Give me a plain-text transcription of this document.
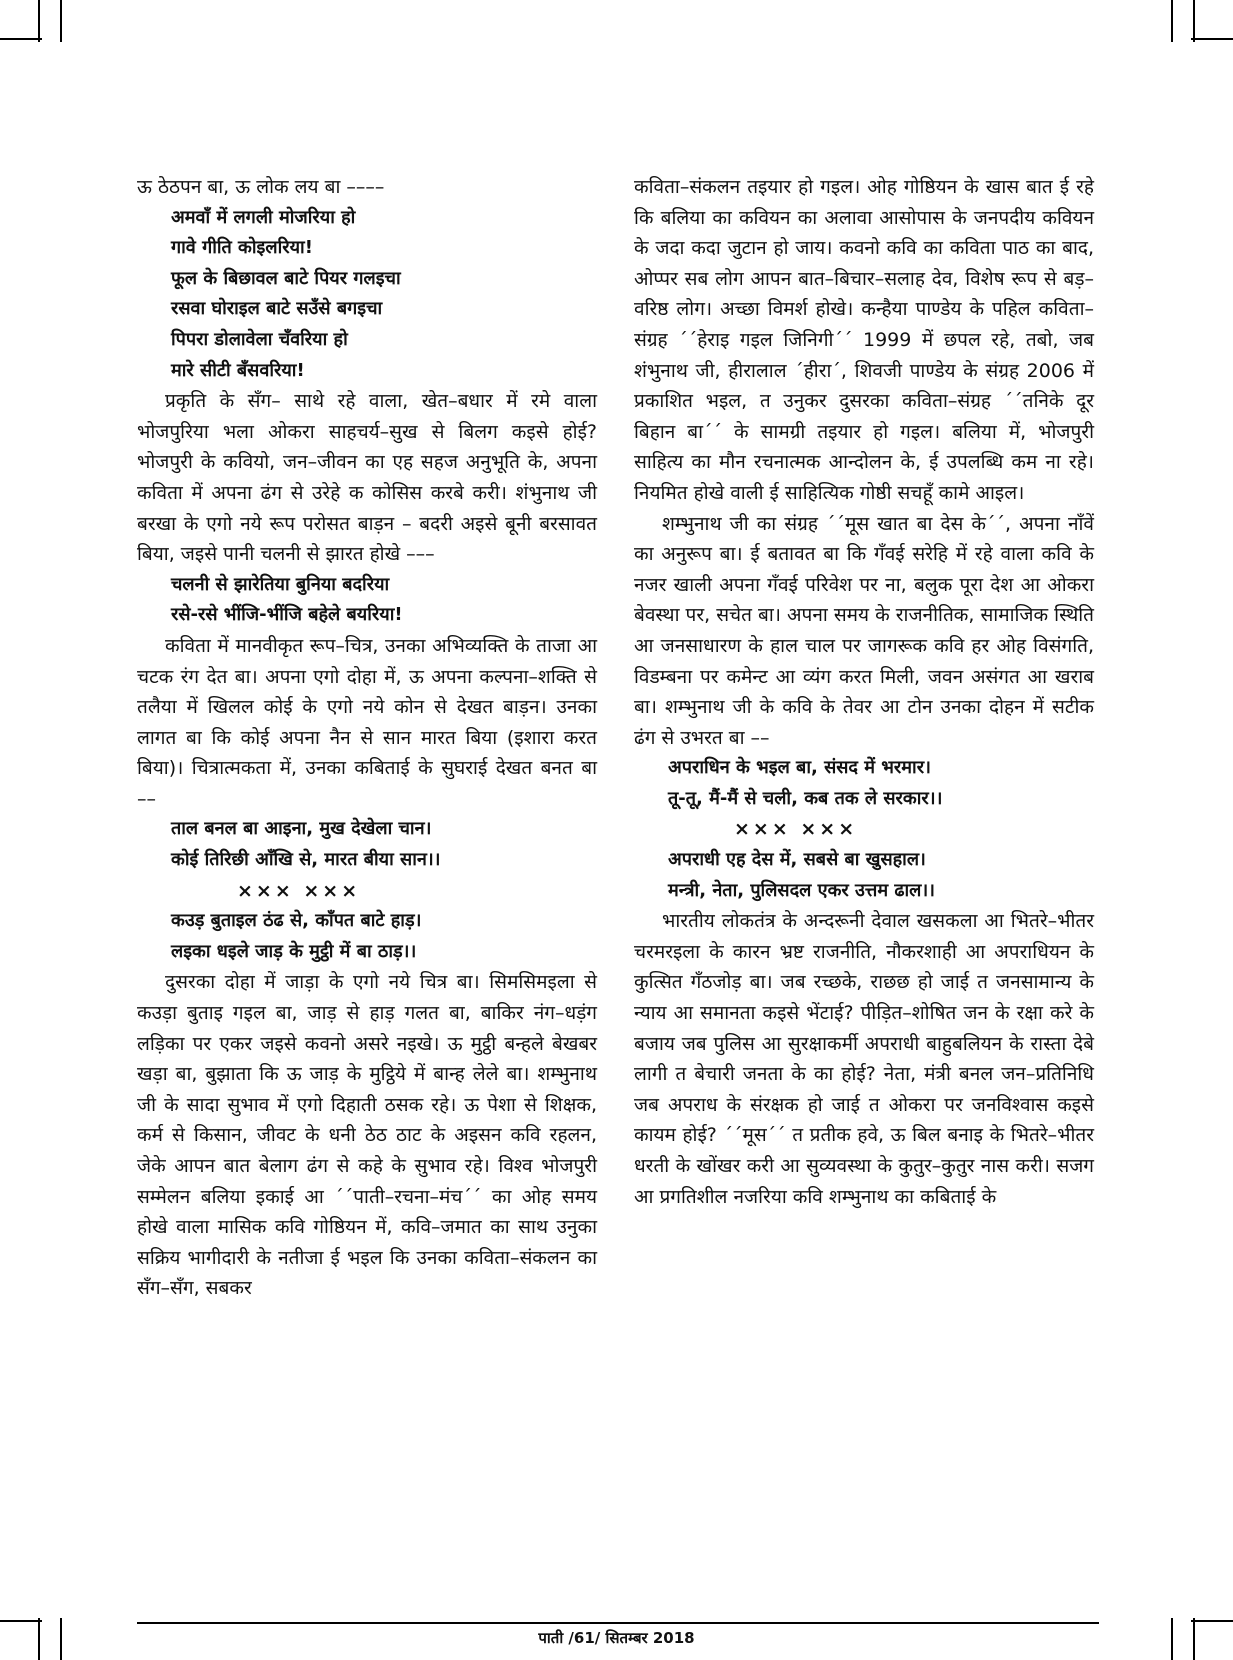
ऊ ठेठपन बा, ऊ लोक लय बा ––––

अमवाँ में लगली मोजरिया हो

गावे गीति कोइलरिया!

फूल के बिछावल बाटे पियर गलइचा

रसवा घोराइल बाटे सउँसे बगइचा

पिपरा डोलावेला चँवरिया हो

मारे सीटी बँसवरिया!

प्रकृति के सँग– साथे रहे वाला, खेत–बधार में रमे वाला भोजपुरिया भला ओकरा साहचर्य–सुख से बिलग कइसे होई? भोजपुरी के कवियो, जन–जीवन का एह सहज अनुभूति के, अपना कविता में अपना ढंग से उरेहे क कोसिस करबे करी। शंभुनाथ जी बरखा के एगो नये रूप परोसत बाड़न – बदरी अइसे बूनी बरसावत बिया, जइसे पानी चलनी से झारत होखे –––

चलनी से झारेतिया बुनिया बदरिया

रसे-रसे भींजि-भींजि बहेले बयरिया!

कविता में मानवीकृत रूप–चित्र, उनका अभिव्यक्ति के ताजा आ चटक रंग देत बा। अपना एगो दोहा में, ऊ अपना कल्पना–शक्ति से तलैया में खिलल कोई के एगो नये कोन से देखत बाड़न। उनका लागत बा कि कोई अपना नैन से सान मारत बिया (इशारा करत बिया)। चित्रात्मकता में, उनका कबिताई के सुघराई देखत बनत बा ––

ताल बनल बा आइना, मुख देखेला चान।

कोई तिरिछी आँखि से, मारत बीया सान।।

××× ×××

कउड़ बुताइल ठंढ से, काँपत बाटे हाड़।

लइका धइले जाड़ के मुट्ठी में बा ठाड़।।

दुसरका दोहा में जाड़ा के एगो नये चित्र बा। सिमसिमइला से कउड़ा बुताइ गइल बा, जाड़ से हाड़ गलत बा, बाकिर नंग–धड़ंग लड़िका पर एकर जइसे कवनो असरे नइखे। ऊ मुट्ठी बन्हले बेखबर खड़ा बा, बुझाता कि ऊ जाड़ के मुट्ठिये में बान्ह लेले बा। शम्भुनाथ जी के सादा सुभाव में एगो दिहाती ठसक रहे। ऊ पेशा से शिक्षक, कर्म से किसान, जीवट के धनी ठेठ ठाट के अइसन कवि रहलन, जेके आपन बात बेलाग ढंग से कहे के सुभाव रहे। विश्व भोजपुरी सम्मेलन बलिया इकाई आ ´´पाती–रचना–मंच´´ का ओह समय होखे वाला मासिक कवि गोष्ठियन में, कवि–जमात का साथ उनुका सक्रिय भागीदारी के नतीजा ई भइल कि उनका कविता–संकलन का सँग–सँग, सबकर

कविता–संकलन तइयार हो गइल। ओह गोष्ठियन के खास बात ई रहे कि बलिया का कवियन का अलावा आसोपास के जनपदीय कवियन के जदा कदा जुटान हो जाय। कवनो कवि का कविता पाठ का बाद, ओप्पर सब लोग आपन बात–बिचार–सलाह देव, विशेष रूप से बड़–वरिष्ठ लोग। अच्छा विमर्श होखे। कन्हैया पाण्डेय के पहिल कविता–संग्रह ´´हेराइ गइल जिनिगी´´ 1999 में छपल रहे, तबो, जब शंभुनाथ जी, हीरालाल ´हीरा´, शिवजी पाण्डेय के संग्रह 2006 में प्रकाशित भइल, त उनुकर दुसरका कविता–संग्रह ´´तनिके दूर बिहान बा´´ के सामग्री तइयार हो गइल। बलिया में, भोजपुरी साहित्य का मौन रचनात्मक आन्दोलन के, ई उपलब्धि कम ना रहे। नियमित होखे वाली ई साहित्यिक गोष्ठी सचहूँ कामे आइल।

शम्भुनाथ जी का संग्रह ´´मूस खात बा देस के´´, अपना नाँवें का अनुरूप बा। ई बतावत बा कि गँवई सरेहि में रहे वाला कवि के नजर खाली अपना गँवई परिवेश पर ना, बलुक पूरा देश आ ओकरा बेवस्था पर, सचेत बा। अपना समय के राजनीतिक, सामाजिक स्थिति आ जनसाधारण के हाल चाल पर जागरूक कवि हर ओह विसंगति, विडम्बना पर कमेन्ट आ व्यंग करत मिली, जवन असंगत आ खराब बा। शम्भुनाथ जी के कवि के तेवर आ टोन उनका दोहन में सटीक ढंग से उभरत बा ––

अपराधिन के भइल बा, संसद में भरमार।

तू-तू, मैं-मैं से चली, कब तक ले सरकार।।

××× ×××

अपराधी एह देस में, सबसे बा खुसहाल।

मन्त्री, नेता, पुलिसदल एकर उत्तम ढाल।।

भारतीय लोकतंत्र के अन्दरूनी देवाल खसकला आ भितरे–भीतर चरमरइला के कारन भ्रष्ट राजनीति, नौकरशाही आ अपराधियन के कुत्सित गँठजोड़ बा। जब रच्छके, राछछ हो जाई त जनसामान्य के न्याय आ समानता कइसे भेंटाई? पीड़ित–शोषित जन के रक्षा करे के बजाय जब पुलिस आ सुरक्षाकर्मी अपराधी बाहुबलियन के रास्ता देबे लागी त बेचारी जनता के का होई? नेता, मंत्री बनल जन–प्रतिनिधि जब अपराध के संरक्षक हो जाई त ओकरा पर जनविश्वास कइसे कायम होई? ´´मूस´´ त प्रतीक हवे, ऊ बिल बनाइ के भितरे–भीतर धरती के खोंखर करी आ सुव्यवस्था के कुतुर–कुतुर नास करी। सजग आ प्रगतिशील नजरिया कवि शम्भुनाथ का कबिताई के

पाती /61/ सितम्बर 2018
